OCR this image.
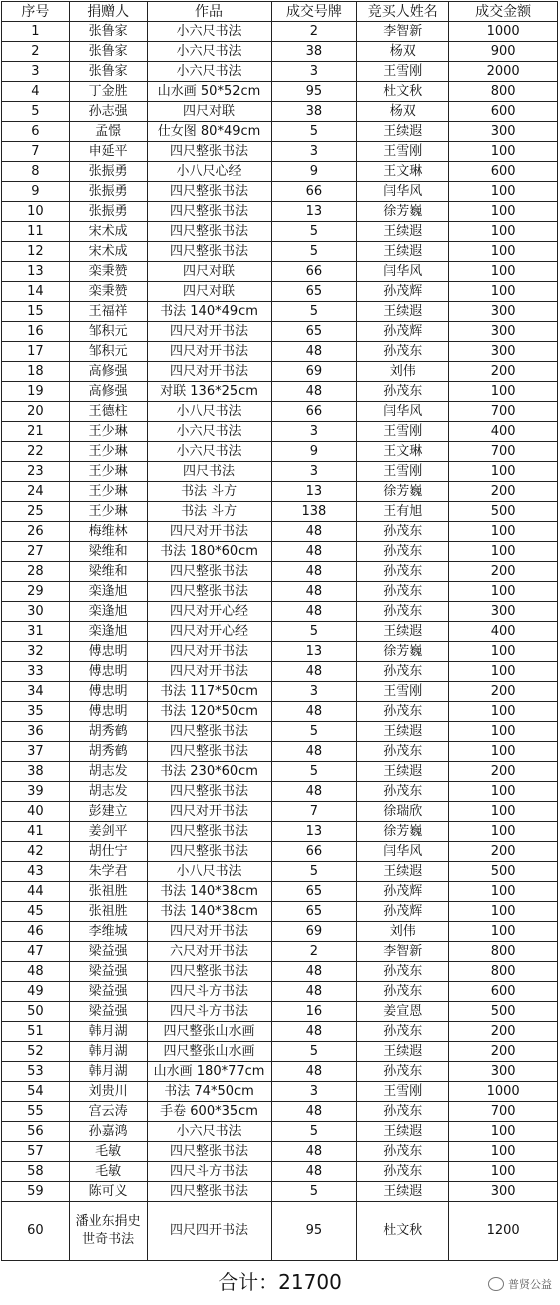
序号	捐赠人	作品	成交号牌	竞买人姓名	成交金额
1	张鲁家	小六尺书法	2	李智新	1000
2	张鲁家	小六尺书法	38	杨双	900
3	张鲁家	小六尺书法	3	王雪刚	2000
4	丁金胜	山水画 50*52cm	95	杜文秋	800
5	孙志强	四尺对联	38	杨双	600
6	孟憬	仕女图 80*49cm	5	王续遐	300
7	申延平	四尺整张书法	3	王雪刚	100
8	张振勇	小八尺心经	9	王文琳	600
9	张振勇	四尺整张书法	66	闫华风	100
10	张振勇	四尺整张书法	13	徐芳巍	100
11	宋术成	四尺整张书法	5	王续遐	100
12	宋术成	四尺整张书法	5	王续遐	100
13	栾秉赞	四尺对联	66	闫华风	100
14	栾秉赞	四尺对联	65	孙茂辉	100
15	王福祥	书法 140*49cm	5	王续遐	300
16	邹积元	四尺对开书法	65	孙茂辉	300
17	邹积元	四尺对开书法	48	孙茂东	300
18	高修强	四尺对开书法	69	刘伟	200
19	高修强	对联 136*25cm	48	孙茂东	100
20	王德柱	小八尺书法	66	闫华风	700
21	王少琳	小六尺书法	3	王雪刚	400
22	王少琳	小六尺书法	9	王文琳	700
23	王少琳	四尺书法	3	王雪刚	100
24	王少琳	书法 斗方	13	徐芳巍	200
25	王少琳	书法 斗方	138	王有旭	500
26	梅维林	四尺对开书法	48	孙茂东	100
27	梁维和	书法 180*60cm	48	孙茂东	100
28	梁维和	四尺整张书法	48	孙茂东	200
29	栾逢旭	四尺整张书法	48	孙茂东	100
30	栾逢旭	四尺对开心经	48	孙茂东	300
31	栾逢旭	四尺对开心经	5	王续遐	400
32	傅忠明	四尺对开书法	13	徐芳巍	100
33	傅忠明	四尺对开书法	48	孙茂东	100
34	傅忠明	书法 117*50cm	3	王雪刚	200
35	傅忠明	书法 120*50cm	48	孙茂东	100
36	胡秀鹤	四尺整张书法	5	王续遐	100
37	胡秀鹤	四尺整张书法	48	孙茂东	100
38	胡志发	书法 230*60cm	5	王续遐	200
39	胡志发	四尺整张书法	48	孙茂东	100
40	彭建立	四尺对开书法	7	徐瑞欣	100
41	姜剑平	四尺整张书法	13	徐芳巍	100
42	胡仕宁	四尺整张书法	66	闫华风	200
43	朱学君	小八尺书法	5	王续遐	500
44	张祖胜	书法 140*38cm	65	孙茂辉	100
45	张祖胜	书法 140*38cm	65	孙茂辉	100
46	李维城	四尺对开书法	69	刘伟	100
47	梁益强	六尺对开书法	2	李智新	800
48	梁益强	四尺整张书法	48	孙茂东	800
49	梁益强	四尺斗方书法	48	孙茂东	600
50	梁益强	四尺斗方书法	16	姜宣恩	500
51	韩月湖	四尺整张山水画	48	孙茂东	200
52	韩月湖	四尺整张山水画	5	王续遐	200
53	韩月湖	山水画 180*77cm	48	孙茂东	300
54	刘贵川	书法 74*50cm	3	王雪刚	1000
55	宫云涛	手卷 600*35cm	48	孙茂东	700
56	孙嘉鸿	小六尺书法	5	王续遐	100
57	毛敏	四尺整张书法	48	孙茂东	100
58	毛敏	四尺斗方书法	48	孙茂东	100
59	陈可义	四尺整张书法	5	王续遐	300
60	潘业东捐史世奇书法	四尺四开书法	95	杜文秋	1200
合计：21700	普贤公益
